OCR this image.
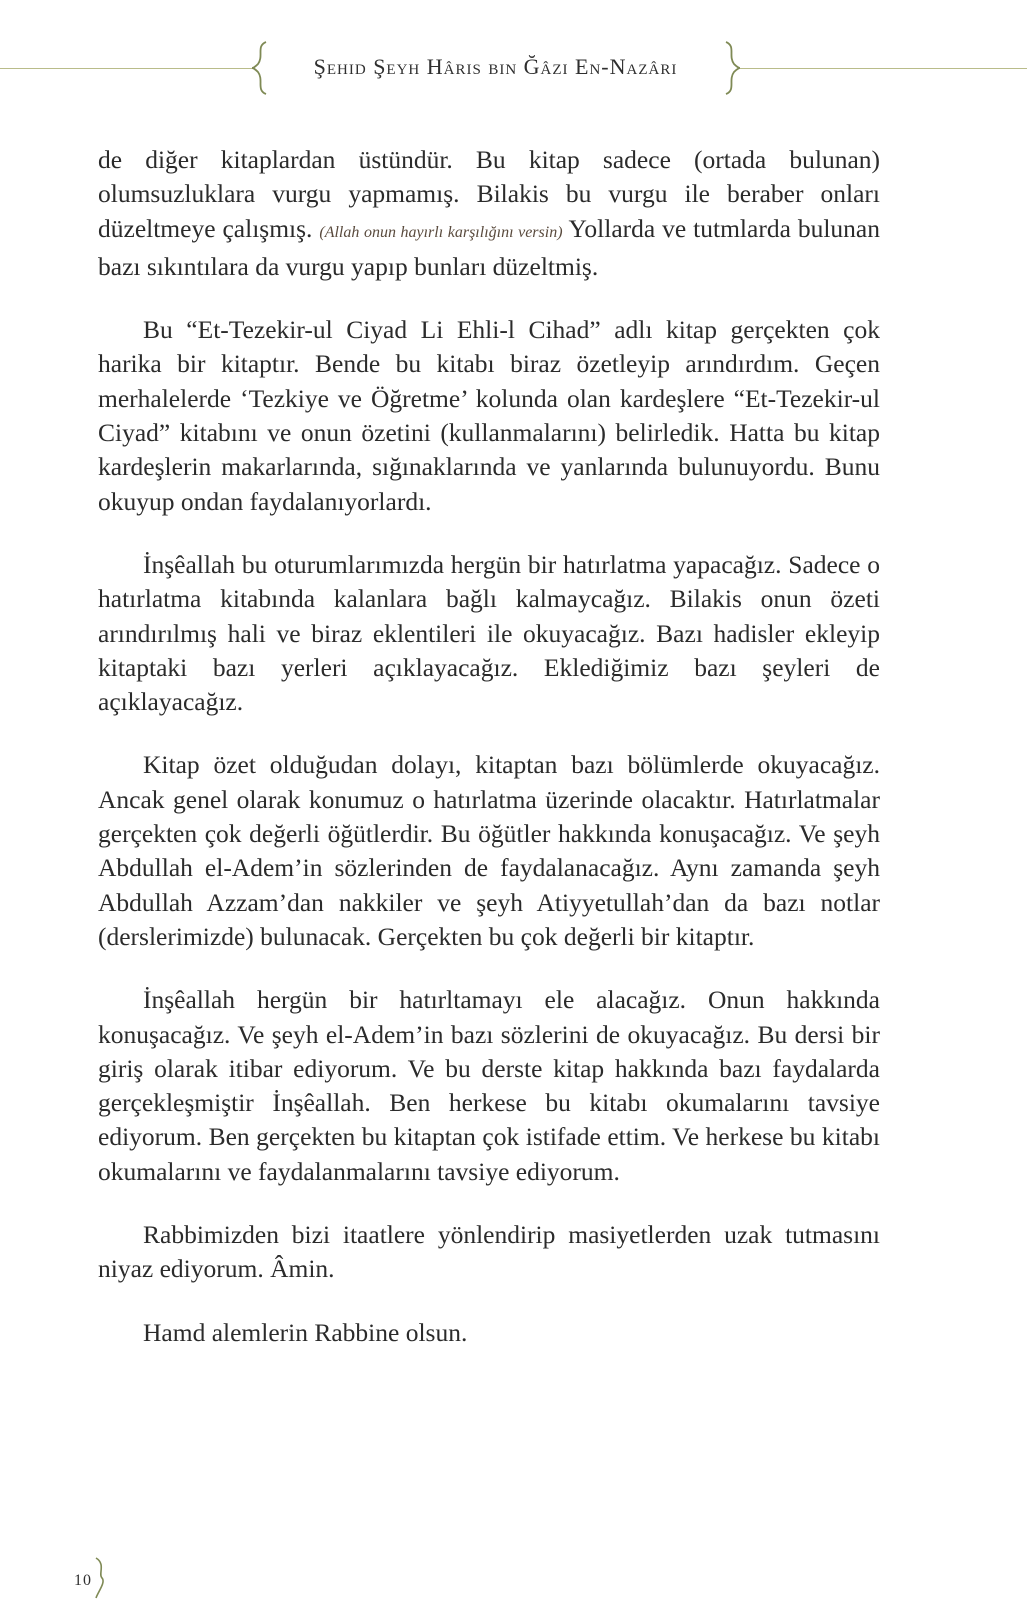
Şehid Şeyh Hâris bin Ğâzi En-Nazâri

de diğer kitaplardan üstündür. Bu kitap sadece (ortada bulunan) olumsuzluklara vurgu yapmamış. Bilakis bu vurgu ile beraber onları düzeltmeye çalışmış. (Allah onun hayırlı karşılığını versin) Yollarda ve tutmlarda bulunan bazı sıkıntılara da vurgu yapıp bunları düzeltmiş.

Bu “Et-Tezekir-ul Ciyad Li Ehli-l Cihad” adlı kitap gerçekten çok harika bir kitaptır. Bende bu kitabı biraz özetleyip arındırdım. Geçen merhalelerde ‘Tezkiye ve Öğretme’ kolunda olan kardeşlere “Et-Tezekir-ul Ciyad” kitabını ve onun özetini (kullanmalarını) belirledik. Hatta bu kitap kardeşlerin makarlarında, sığınaklarında ve yanlarında bulunuyordu. Bunu okuyup ondan faydalanıyorlardı.

İnşêallah bu oturumlarımızda hergün bir hatırlatma yapacağız. Sadece o hatırlatma kitabında kalanlara bağlı kalmaycağız. Bilakis onun özeti arındırılmış hali ve biraz eklentileri ile okuyacağız. Bazı hadisler ekleyip kitaptaki bazı yerleri açıklayacağız. Eklediğimiz bazı şeyleri de açıklayacağız.

Kitap özet olduğudan dolayı, kitaptan bazı bölümlerde okuyacağız. Ancak genel olarak konumuz o hatırlatma üzerinde olacaktır. Hatırlatmalar gerçekten çok değerli öğütlerdir. Bu öğütler hakkında konuşacağız. Ve şeyh Abdullah el-Adem’in sözlerinden de faydalanacağız. Aynı zamanda şeyh Abdullah Azzam’dan nakkiler ve şeyh Atiyyetullah’dan da bazı notlar (derslerimizde) bulunacak. Gerçekten bu çok değerli bir kitaptır.

İnşêallah hergün bir hatırltamayı ele alacağız. Onun hakkında konuşacağız. Ve şeyh el-Adem’in bazı sözlerini de okuyacağız. Bu dersi bir giriş olarak itibar ediyorum. Ve bu derste kitap hakkında bazı faydalarda gerçekleşmiştir İnşêallah. Ben herkese bu kitabı okumalarını tavsiye ediyorum. Ben gerçekten bu kitaptan çok istifade ettim. Ve herkese bu kitabı okumalarını ve faydalanmalarını tavsiye ediyorum.

Rabbimizden bizi itaatlere yönlendirip masiyetlerden uzak tutmasını niyaz ediyorum. Âmin.

Hamd alemlerin Rabbine olsun.

10
